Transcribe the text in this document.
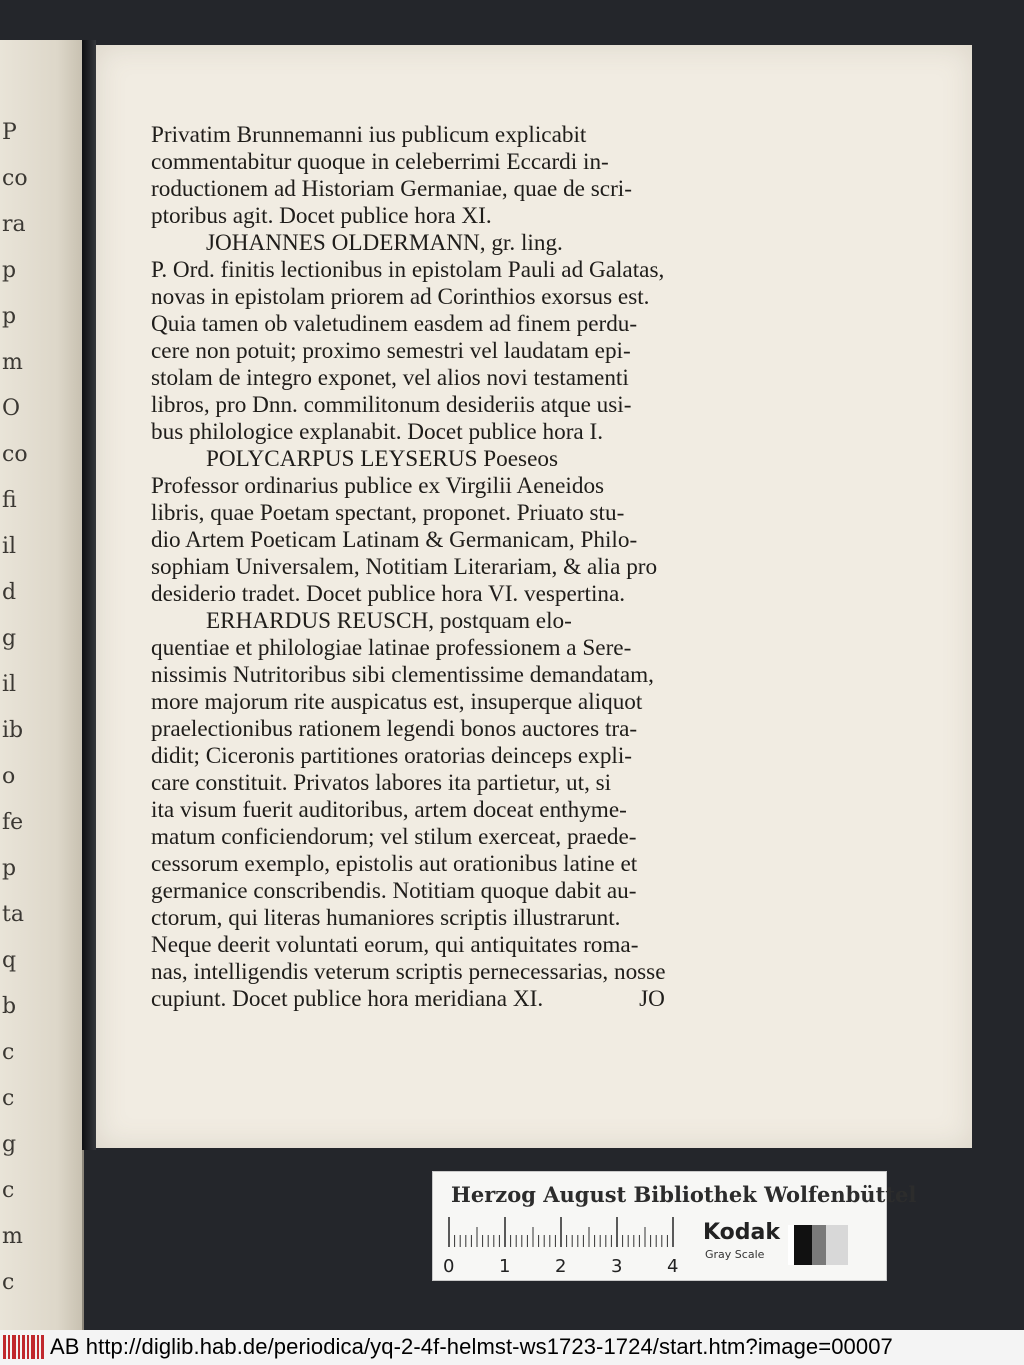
P
co
ra
p
p
m
O
co
fi
il
d
g
il
ib
o
fe
p
ta
q
b
c
c
g
c
m
c
Privatim Brunnemanni ius publicum explicabit
commentabitur quoque in celeberrimi Eccardi in-
roductionem ad Historiam Germaniae, quae de scri-
ptoribus agit. Docet publice hora XI.
JOHANNES OLDERMANN, gr. ling.
P. Ord. finitis lectionibus in epistolam Pauli ad Galatas,
novas in epistolam priorem ad Corinthios exorsus est.
Quia tamen ob valetudinem easdem ad finem perdu-
cere non potuit; proximo semestri vel laudatam epi-
stolam de integro exponet, vel alios novi testamenti
libros, pro Dnn. commilitonum desideriis atque usi-
bus philologice explanabit. Docet publice hora I.
POLYCARPUS LEYSERUS Poeseos
Professor ordinarius publice ex Virgilii Aeneidos
libris, quae Poetam spectant, proponet. Priuato stu-
dio Artem Poeticam Latinam & Germanicam, Philo-
sophiam Universalem, Notitiam Literariam, & alia pro
desiderio tradet. Docet publice hora VI. vespertina.
ERHARDUS REUSCH, postquam elo-
quentiae et philologiae latinae professionem a Sere-
nissimis Nutritoribus sibi clementissime demandatam,
more majorum rite auspicatus est, insuperque aliquot
praelectionibus rationem legendi bonos auctores tra-
didit; Ciceronis partitiones oratorias deinceps expli-
care constituit. Privatos labores ita partietur, ut, si
ita visum fuerit auditoribus, artem doceat enthyme-
matum conficiendorum; vel stilum exerceat, praede-
cessorum exemplo, epistolis aut orationibus latine et
germanice conscribendis. Notitiam quoque dabit au-
ctorum, qui literas humaniores scriptis illustrarunt.
Neque deerit voluntati eorum, qui antiquitates roma-
nas, intelligendis veterum scriptis pernecessarias, nosse
cupiunt. Docet publice hora meridiana XI.	JO
Herzog August Bibliothek Wolfenbüttel
0 1 2 3 4
Kodak
Gray Scale
AB http://diglib.hab.de/periodica/yq-2-4f-helmst-ws1723-1724/start.htm?image=00007
